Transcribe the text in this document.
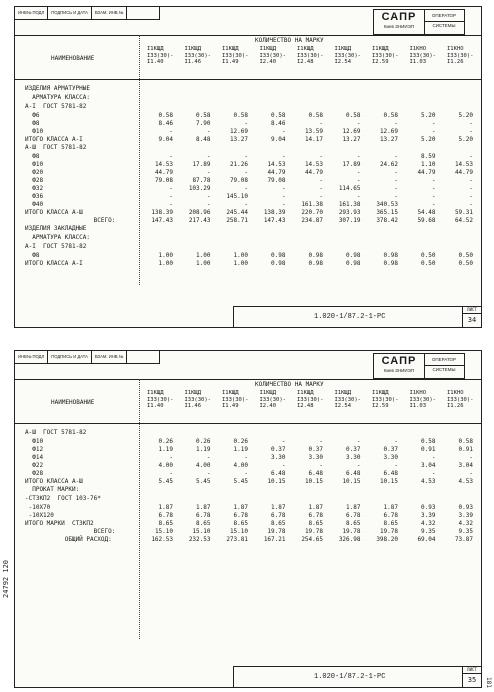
ИНВ№ ПОДЛ	ПОДПИСЬ И ДАТА	ВЗАМ. ИНВ.№	САПР
Киев ЗНИИЭП
ОПЕРАТОР
СИСТЕМЫ
1.020-1/87.2-1-РС
ЛИСТ
34
КОЛИЧЕСТВО НА МАРКУ
НАИМЕНОВАНИЕ
І1КЩД
І33(30)-
І1.40
І1КЩД
І33(30)-
І1.46
І1КЩД
І33(30)-
І1.49
І1КЩД
І33(30)-
І2.40
І1КЩД
І33(30)-
І2.48
І1КЩД
І33(30)-
І2.54
І1КЩД
І33(30)-
І2.59
І1КНО
І33(30)-
І1.03
І1КНО
І33(30)-
І1.26
ИЗДЕЛИЯ АРМАТУРНЫЕ
АРМАТУРА КЛАССА:
А-І  ГОСТ 5781-82
Ф6	0.58	0.58	0.58	0.58	0.58	0.58	0.58	5.20	5.20
Ф8	8.46	7.90	-	8.46	-	-	-	-	-
Ф10	-	-	12.69	-	13.59	12.69	12.69	-	-
ИТОГО КЛАССА А-І	9.04	8.48	13.27	9.04	14.17	13.27	13.27	5.20	5.20
А-Ш  ГОСТ 5781-82
Ф8	-	-	-	-	-	-	-	8.59	-
Ф10	14.53	17.89	21.26	14.53	14.53	17.89	24.62	1.10	14.53
Ф20	44.79	-	-	44.79	44.79	-	-	44.79	44.79
Ф28	79.08	87.78	79.08	79.08	-	-	-	-	-
Ф32	-	103.29	-	-	-	114.65	-	-	-
Ф36	-	-	145.10	-	-	-	-	-	-
Ф40	-	-	-	-	161.38	161.38	340.53	-	-
ИТОГО КЛАССА А-Ш	138.39	208.96	245.44	138.39	220.70	293.93	365.15	54.48	59.31
ВСЕГО:	147.43	217.43	258.71	147.43	234.87	307.19	378.42	59.68	64.52
ИЗДЕЛИЯ ЗАКЛАДНЫЕ
АРМАТУРА КЛАССА:
А-І  ГОСТ 5781-82
Ф8	1.00	1.00	1.00	0.98	0.98	0.98	0.98	0.50	0.50
ИТОГО КЛАССА А-І	1.00	1.00	1.00	0.98	0.98	0.98	0.98	0.50	0.50
ИНВ№ ПОДЛ	ПОДПИСЬ И ДАТА	ВЗАМ. ИНВ.№	САПР
Киев ЗНИИЭП
ОПЕРАТОР
СИСТЕМЫ
1.020-1/87.2-1-РС
ЛИСТ
35
КОЛИЧЕСТВО НА МАРКУ
НАИМЕНОВАНИЕ
І1КЩД
І33(30)-
І1.40
І1КЩД
І33(30)-
І1.46
І1КЩД
І33(30)-
І1.49
І1КЩД
І33(30)-
І2.40
І1КЩД
І33(30)-
І2.48
І1КЩД
І33(30)-
І2.54
І1КЩД
І33(30)-
І2.59
І1КНО
І33(30)-
І1.03
І1КНО
І33(30)-
І1.26
А-Ш  ГОСТ 5781-82
Ф10	0.26	0.26	0.26	-	-	-	-	0.58	0.58
Ф12	1.19	1.19	1.19	0.37	0.37	0.37	0.37	0.91	0.91
Ф14	-	-	-	3.30	3.30	3.30	3.30	-	-
Ф22	4.00	4.00	4.00	-	-	-	-	3.04	3.04
Ф28	-	-	-	6.48	6.48	6.48	6.48	-	-
ИТОГО КЛАССА А-Ш	5.45	5.45	5.45	10.15	10.15	10.15	10.15	4.53	4.53
ПРОКАТ МАРКИ:
-СТЗКП2  ГОСТ 103-76*
-10Х70	1.87	1.87	1.87	1.87	1.87	1.87	1.87	0.93	0.93
-10Х120	6.78	6.78	6.78	6.78	6.78	6.78	6.78	3.39	3.39
ИТОГО МАРКИ  СТЗКП2	8.65	8.65	8.65	8.65	8.65	8.65	8.65	4.32	4.32
ВСЕГО:	15.10	15.10	15.10	19.78	19.78	19.78	19.78	9.35	9.35
ОБЩИЙ РАСХОД:	162.53	232.53	273.81	167.21	254.65	326.98	398.20	69.04	73.87
24792 120
181
